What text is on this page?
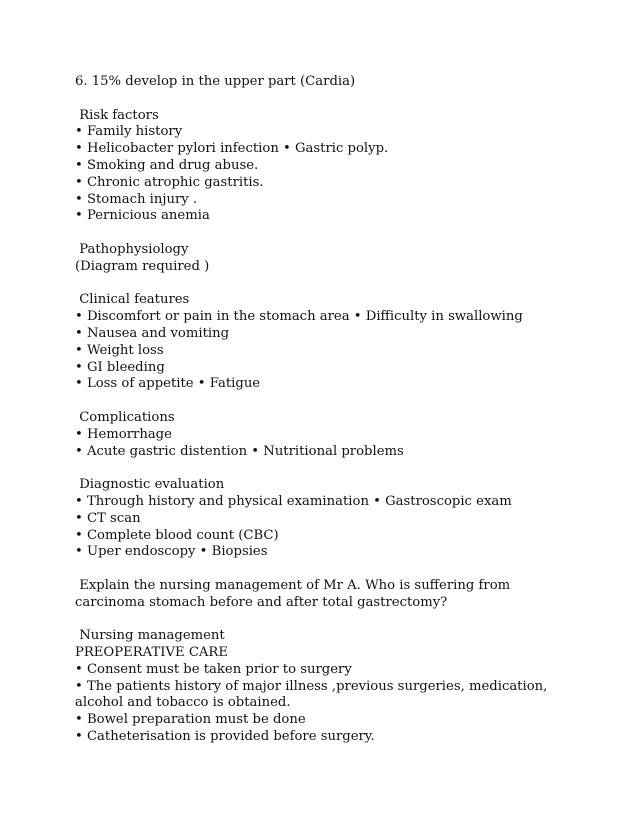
6. 15% develop in the upper part (Cardia)

Risk factors

• Family history

• Helicobacter pylori infection • Gastric polyp.

• Smoking and drug abuse.

• Chronic atrophic gastritis.

• Stomach injury .

• Pernicious anemia

Pathophysiology

(Diagram required )

Clinical features

• Discomfort or pain in the stomach area • Difficulty in swallowing

• Nausea and vomiting

• Weight loss

• GI bleeding

• Loss of appetite • Fatigue

Complications

• Hemorrhage

• Acute gastric distention • Nutritional problems

Diagnostic evaluation

• Through history and physical examination • Gastroscopic exam

• CT scan

• Complete blood count (CBC)

• Uper endoscopy • Biopsies

Explain the nursing management of Mr A. Who is suffering from carcinoma stomach before and after total gastrectomy?

Nursing management

PREOPERATIVE CARE

• Consent must be taken prior to surgery

• The patients history of major illness ,previous surgeries, medication, alcohol and tobacco is obtained.

• Bowel preparation must be done

• Catheterisation is provided before surgery.
